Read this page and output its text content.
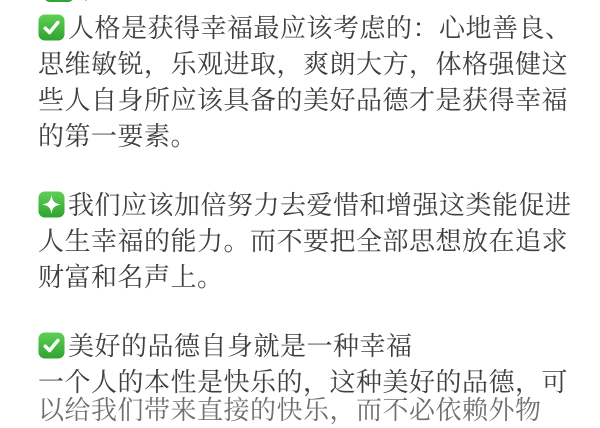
人格是获得幸福最应该考虑的：心地善良、
思维敏锐，乐观进取，爽朗大方，体格强健这
些人自身所应该具备的美好品德才是获得幸福
的第一要素。
我们应该加倍努力去爱惜和增强这类能促进
人生幸福的能力。而不要把全部思想放在追求
财富和名声上。
美好的品德自身就是一种幸福
一个人的本性是快乐的，这种美好的品德，可
以给我们带来直接的快乐，而不必依赖外物
